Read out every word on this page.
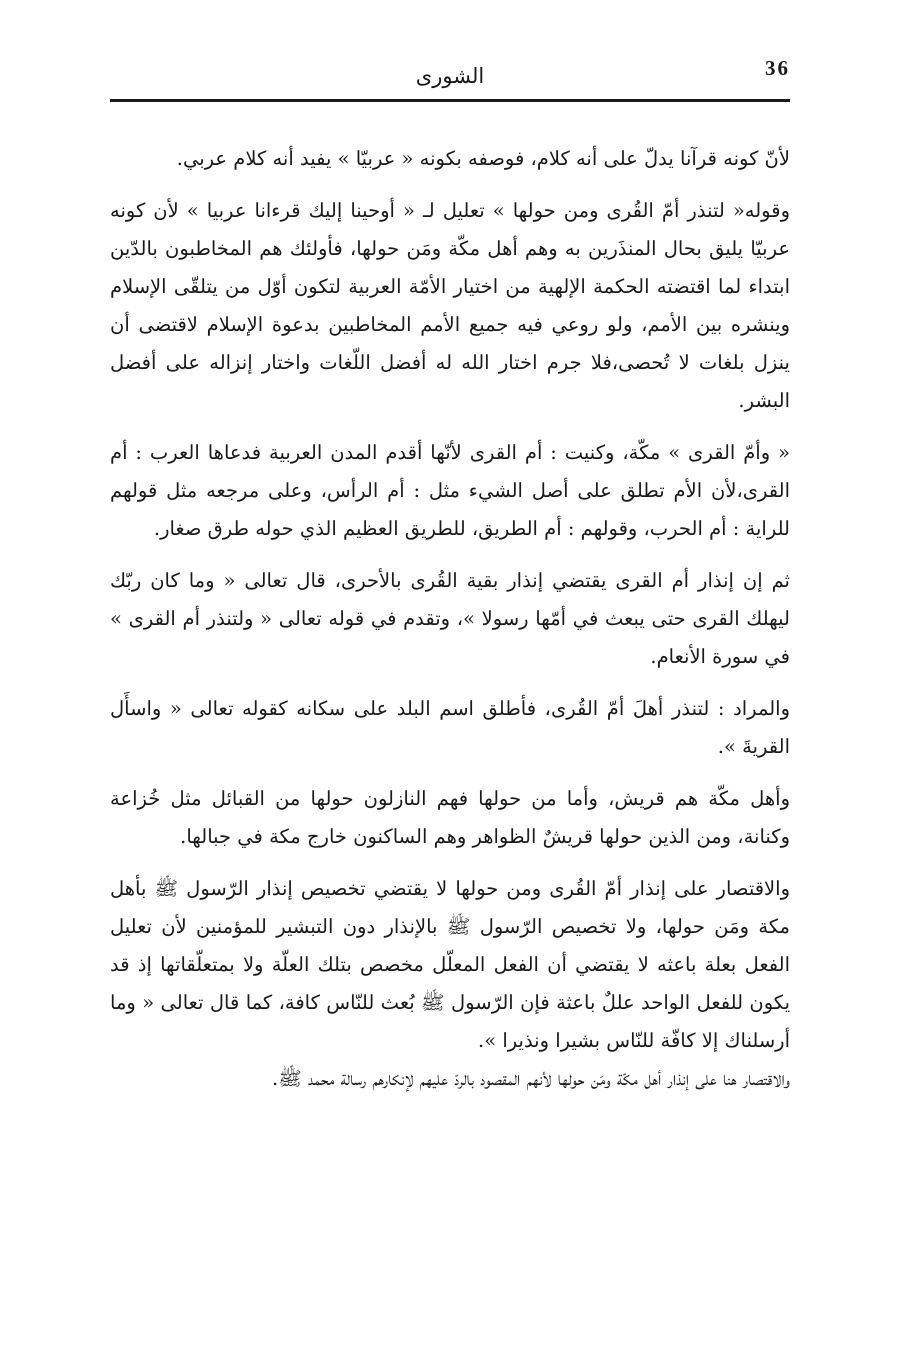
الشورى	36

لأنّ كونه قرآنا يدلّ على أنه كلام، فوصفه بكونه « عربيّا » يفيد أنه كلام عربي.

وقوله« لتنذر أمّ القُرى ومن حولها » تعليل لـ « أوحينا إليك قرءانا عربيا » لأن كونه عربيّا يليق بحال المنذَرين به وهم أهل مكّة ومَن حولها، فأولئك هم المخاطبون بالدّين ابتداء لما اقتضته الحكمة الإلهية من اختيار الأمّة العربية لتكون أوّل من يتلقّى الإسلام وينشره بين الأمم، ولو روعي فيه جميع الأمم المخاطبين بدعوة الإسلام لاقتضى أن ينزل بلغات لا تُحصى،فلا جرم اختار الله له أفضل اللّغات واختار إنزاله على أفضل البشر.

« وأمّ القرى » مكّة، وكنيت : أم القرى لأنّها أقدم المدن العربية فدعاها العرب : أم القرى،لأن الأم تطلق على أصل الشيء مثل : أم الرأس، وعلى مرجعه مثل قولهم للراية : أم الحرب، وقولهم : أم الطريق، للطريق العظيم الذي حوله طرق صغار.

ثم إن إنذار أم القرى يقتضي إنذار بقية القُرى بالأحرى، قال تعالى « وما كان ربّك ليهلك القرى حتى يبعث في أمّها رسولا »، وتقدم في قوله تعالى « ولتنذر أم القرى » في سورة الأنعام.

والمراد : لتنذر أهلَ أمّ القُرى، فأطلق اسم البلد على سكانه كقوله تعالى « واسأَل القريةَ ».

وأهل مكّة هم قريش، وأما من حولها فهم النازلون حولها من القبائل مثل خُزاعة وكنانة، ومن الذين حولها قريشٌ الظواهر وهم الساكنون خارج مكة في جبالها.

والاقتصار على إنذار أمّ القُرى ومن حولها لا يقتضي تخصيص إنذار الرّسول ﷺ بأهل مكة ومَن حولها، ولا تخصيص الرّسول ﷺ بالإنذار دون التبشير للمؤمنين لأن تعليل الفعل بعلة باعثه لا يقتضي أن الفعل المعلّل مخصص بتلك العلّة ولا بمتعلّقاتها إذ قد يكون للفعل الواحد عللٌ باعثة فإن الرّسول ﷺ بُعث للنّاس كافة، كما قال تعالى « وما أرسلناك إلا كافّة للنّاس بشيرا ونذيرا ».

والاقتصار هنا على إنذار أهل مكّة ومَن حولها لأنهم المقصود بالردّ عليهم لإنكارهم رسالة محمد ﷺ.
